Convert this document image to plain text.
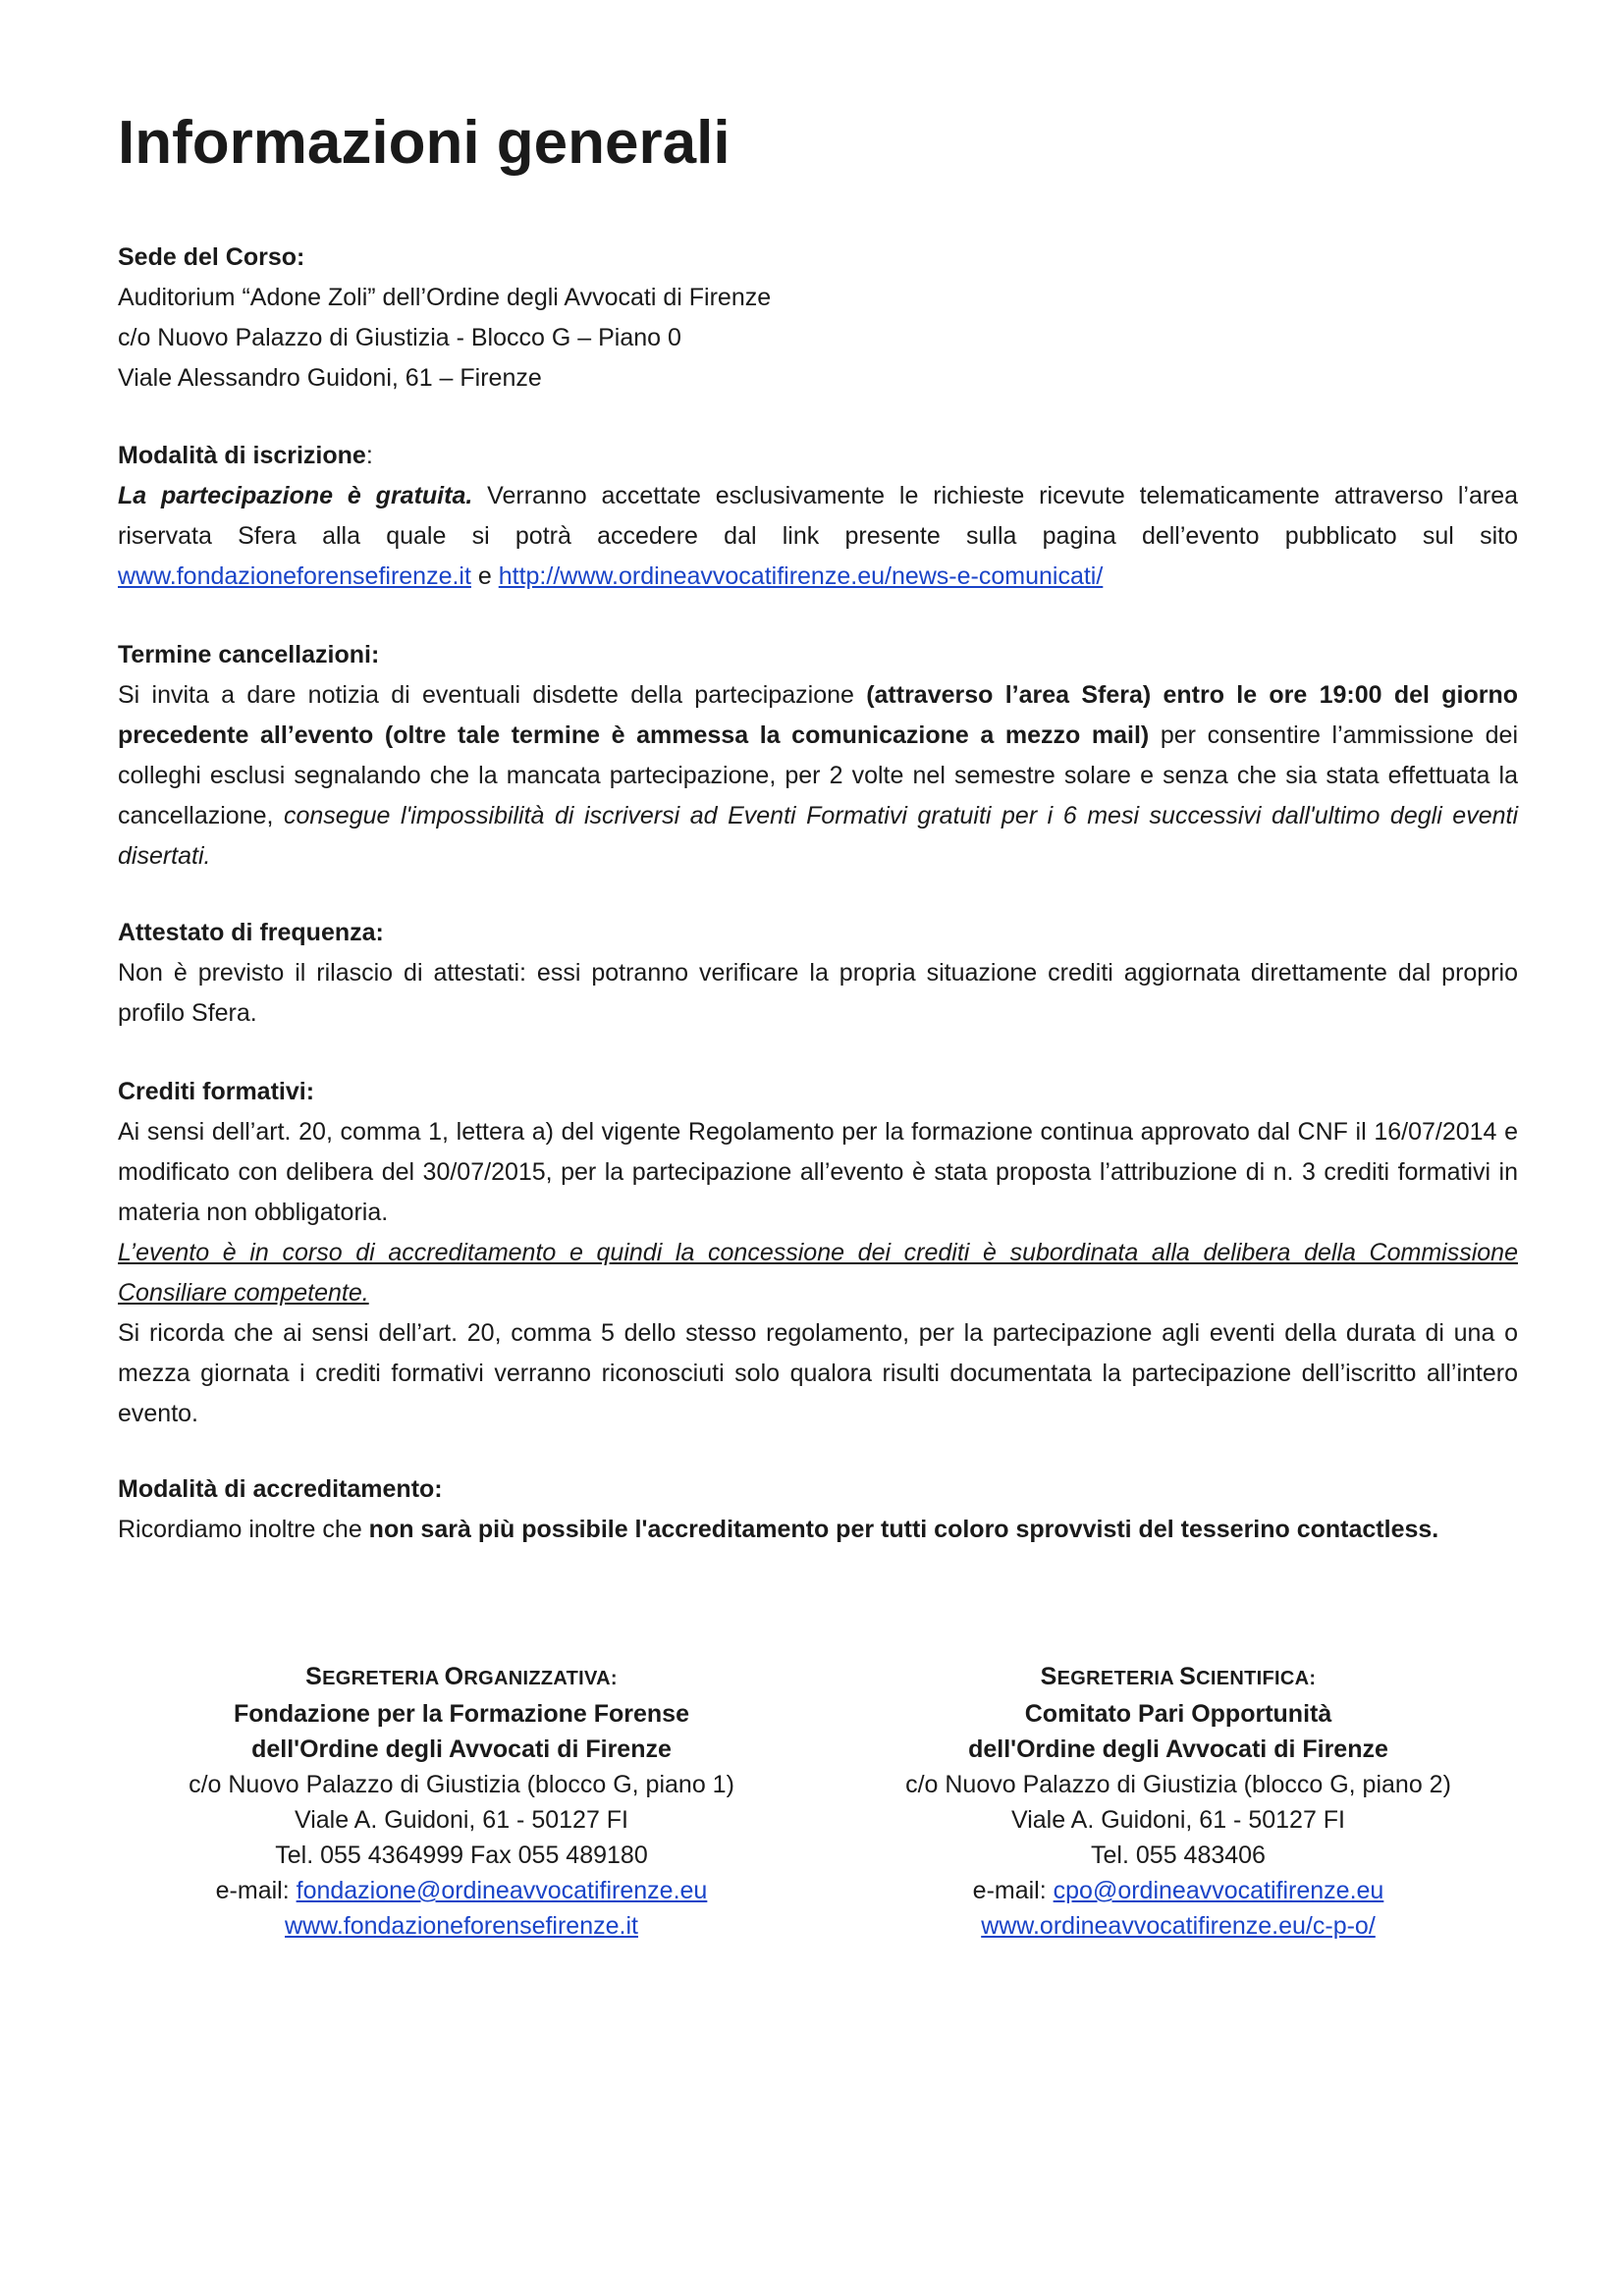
Informazioni generali

Sede del Corso:

Auditorium “Adone Zoli” dell’Ordine degli Avvocati di Firenze

c/o Nuovo Palazzo di Giustizia - Blocco G – Piano 0

Viale Alessandro Guidoni, 61 – Firenze

Modalità di iscrizione:

La partecipazione è gratuita. Verranno accettate esclusivamente le richieste ricevute telematicamente attraverso l’area riservata Sfera alla quale si potrà accedere dal link presente sulla pagina dell’evento pubblicato sul sito www.fondazioneforensefirenze.it e http://www.ordineavvocatifirenze.eu/news-e-comunicati/

Termine cancellazioni:

Si invita a dare notizia di eventuali disdette della partecipazione (attraverso l’area Sfera) entro le ore 19:00 del giorno precedente all’evento (oltre tale termine è ammessa la comunicazione a mezzo mail) per consentire l’ammissione dei colleghi esclusi segnalando che la mancata partecipazione, per 2 volte nel semestre solare e senza che sia stata effettuata la cancellazione, consegue l'impossibilità di iscriversi ad Eventi Formativi gratuiti per i 6 mesi successivi dall'ultimo degli eventi disertati.

Attestato di frequenza:

Non è previsto il rilascio di attestati: essi potranno verificare la propria situazione crediti aggiornata direttamente dal proprio profilo Sfera.

Crediti formativi:

Ai sensi dell’art. 20, comma 1, lettera a) del vigente Regolamento per la formazione continua approvato dal CNF il 16/07/2014 e modificato con delibera del 30/07/2015, per la partecipazione all’evento è stata proposta l’attribuzione di n. 3 crediti formativi in materia non obbligatoria.

L’evento è in corso di accreditamento e quindi la concessione dei crediti è subordinata alla delibera della Commissione Consiliare competente.

Si ricorda che ai sensi dell’art. 20, comma 5 dello stesso regolamento, per la partecipazione agli eventi della durata di una o mezza giornata i crediti formativi verranno riconosciuti solo qualora risulti documentata la partecipazione dell’iscritto all’intero evento.

Modalità di accreditamento:

Ricordiamo inoltre che non sarà più possibile l'accreditamento per tutti coloro sprovvisti del tesserino contactless.

SEGRETERIA ORGANIZZATIVA:

Fondazione per la Formazione Forense

dell'Ordine degli Avvocati di Firenze

c/o Nuovo Palazzo di Giustizia (blocco G, piano 1)

Viale A. Guidoni, 61 - 50127 FI

Tel. 055 4364999 Fax 055 489180

e-mail: fondazione@ordineavvocatifirenze.eu

www.fondazioneforensefirenze.it

SEGRETERIA SCIENTIFICA:

Comitato Pari Opportunità

dell'Ordine degli Avvocati di Firenze

c/o Nuovo Palazzo di Giustizia (blocco G, piano 2)

Viale A. Guidoni, 61 - 50127 FI

Tel. 055 483406

e-mail: cpo@ordineavvocatifirenze.eu

www.ordineavvocatifirenze.eu/c-p-o/
